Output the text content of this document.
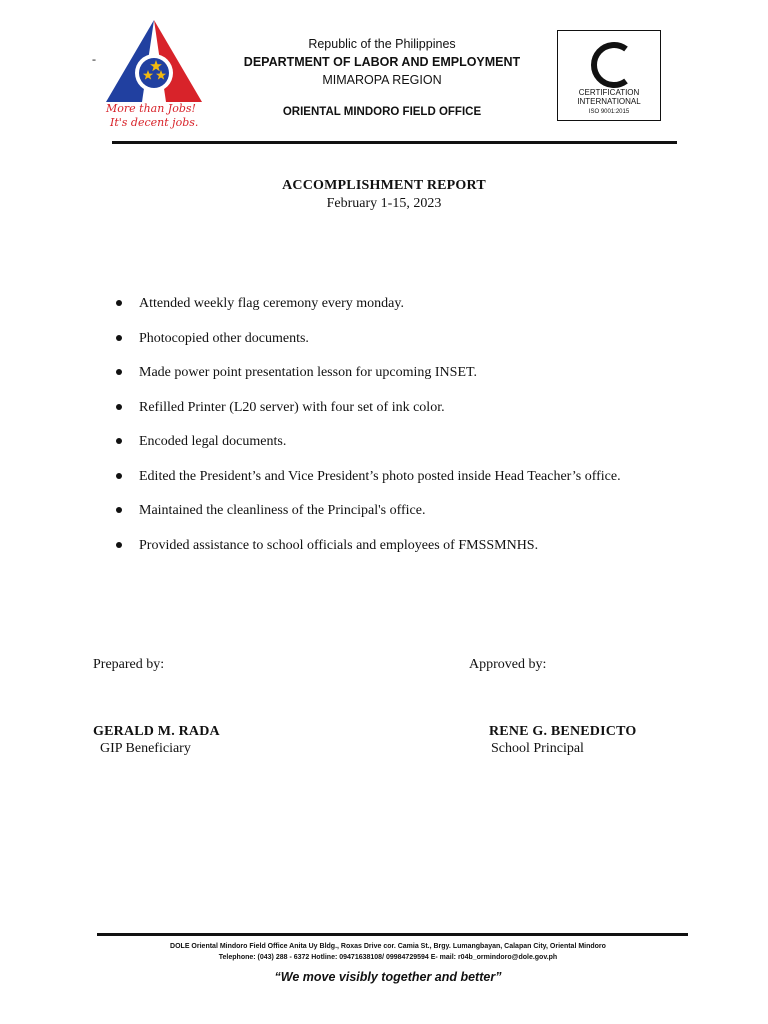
-
More than Jobs!
It's decent jobs.
Republic of the Philippines
DEPARTMENT OF LABOR AND EMPLOYMENT
MIMAROPA REGION
ORIENTAL MINDORO FIELD OFFICE
CERTIFICATION
INTERNATIONAL
ISO 9001:2015
ACCOMPLISHMENT REPORT
February 1-15, 2023
Attended weekly flag ceremony every monday.
Photocopied other documents.
Made power point presentation lesson for upcoming INSET.
Refilled Printer (L20 server) with four set of ink color.
Encoded legal documents.
Edited the President’s and Vice President’s photo posted inside Head Teacher’s office.
Maintained the cleanliness of the Principal's office.
Provided assistance to school officials and employees of FMSSMNHS.
Prepared by:	Approved by:
GERALD M. RADA
GIP Beneficiary
RENE G. BENEDICTO
School Principal
DOLE Oriental Mindoro Field Office Anita Uy Bldg., Roxas Drive cor. Camia St., Brgy. Lumangbayan, Calapan City, Oriental Mindoro
Telephone: (043) 288 - 6372 Hotline: 09471638108/ 09984729594 E- mail: r04b_ormindoro@dole.gov.ph
“We move visibly together and better”
